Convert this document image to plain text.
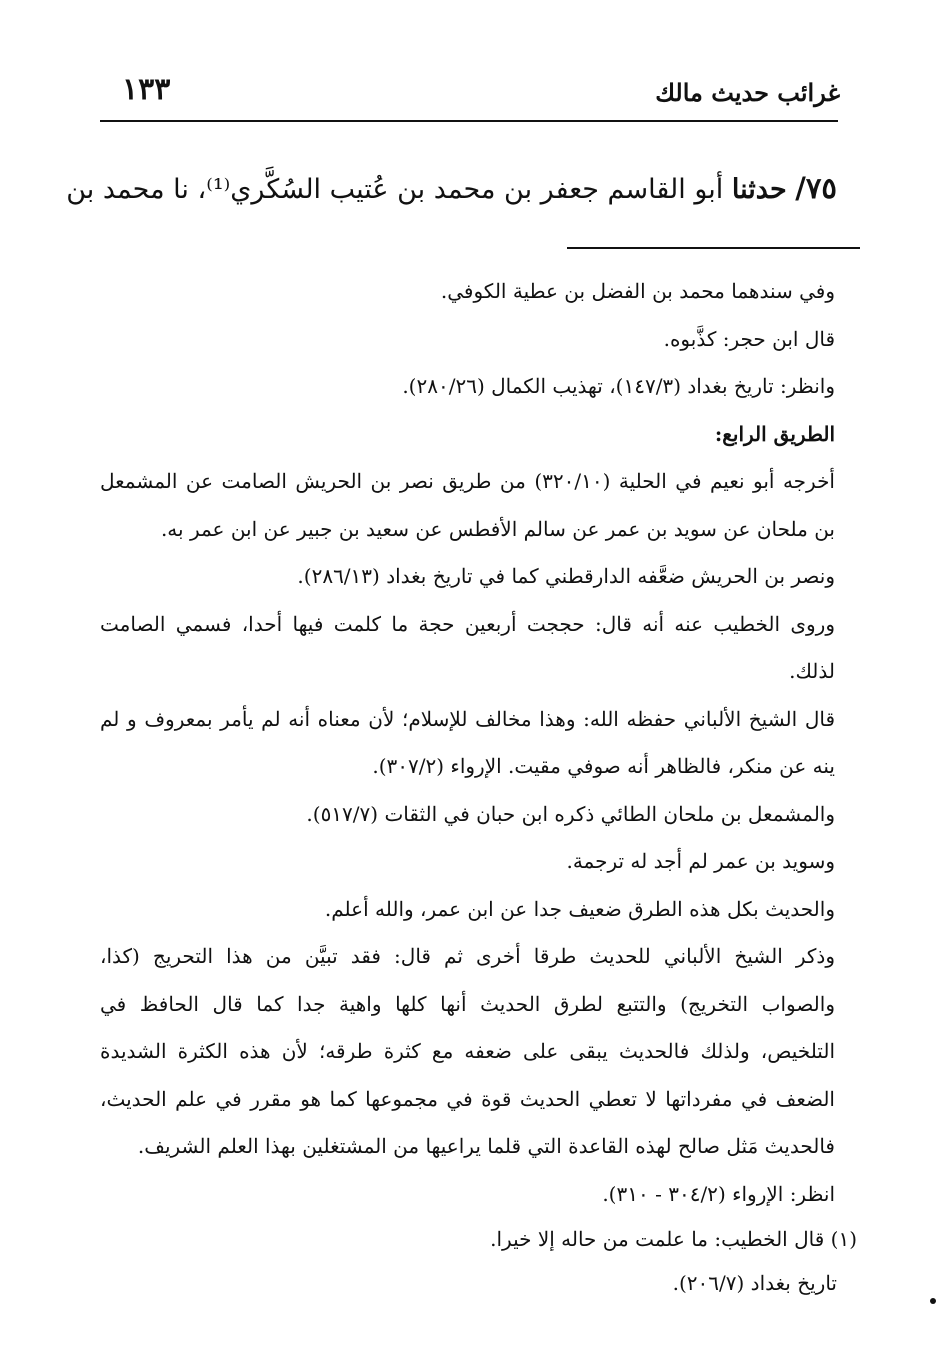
غرائب حديث مالك
١٣٣
٧٥/ حدثنا أبو القاسم جعفر بن محمد بن عُتيب السُكَّري⁽¹⁾، نا محمد بن
وفي سندهما محمد بن الفضل بن عطية الكوفي.
قال ابن حجر: كذَّبوه.
وانظر: تاريخ بغداد (١٤٧/٣)، تهذيب الكمال (٢٨٠/٢٦).
الطريق الرابع:
أخرجه أبو نعيم في الحلية (٣٢٠/١٠) من طريق نصر بن الحريش الصامت عن المشمعل
بن ملحان عن سويد بن عمر عن سالم الأفطس عن سعيد بن جبير عن ابن عمر به.
ونصر بن الحريش ضعَّفه الدارقطني كما في تاريخ بغداد (٢٨٦/١٣).
وروى الخطيب عنه أنه قال: حججت أربعين حجة ما كلمت فيها أحدا، فسمي الصامت
لذلك.
قال الشيخ الألباني حفظه الله: وهذا مخالف للإسلام؛ لأن معناه أنه لم يأمر بمعروف و لم
ينه عن منكر، فالظاهر أنه صوفي مقيت. الإرواء (٣٠٧/٢).
والمشمعل بن ملحان الطائي ذكره ابن حبان في الثقات (٥١٧/٧).
وسويد بن عمر لم أجد له ترجمة.
والحديث بكل هذه الطرق ضعيف جدا عن ابن عمر، والله أعلم.
وذكر الشيخ الألباني للحديث طرقا أخرى ثم قال: فقد تبيَّن من هذا التحريج (كذا،
والصواب التخريج) والتتبع لطرق الحديث أنها كلها واهية جدا كما قال الحافظ في
التلخيص، ولذلك فالحديث يبقى على ضعفه مع كثرة طرقه؛ لأن هذه الكثرة الشديدة
الضعف في مفرداتها لا تعطي الحديث قوة في مجموعها كما هو مقرر في علم الحديث،
فالحديث مَثل صالح لهذه القاعدة التي قلما يراعيها من المشتغلين بهذا العلم الشريف.
انظر: الإرواء (٣٠٤/٢ - ٣١٠).
(١) قال الخطيب: ما علمت من حاله إلا خيرا.
تاريخ بغداد (٢٠٦/٧).
